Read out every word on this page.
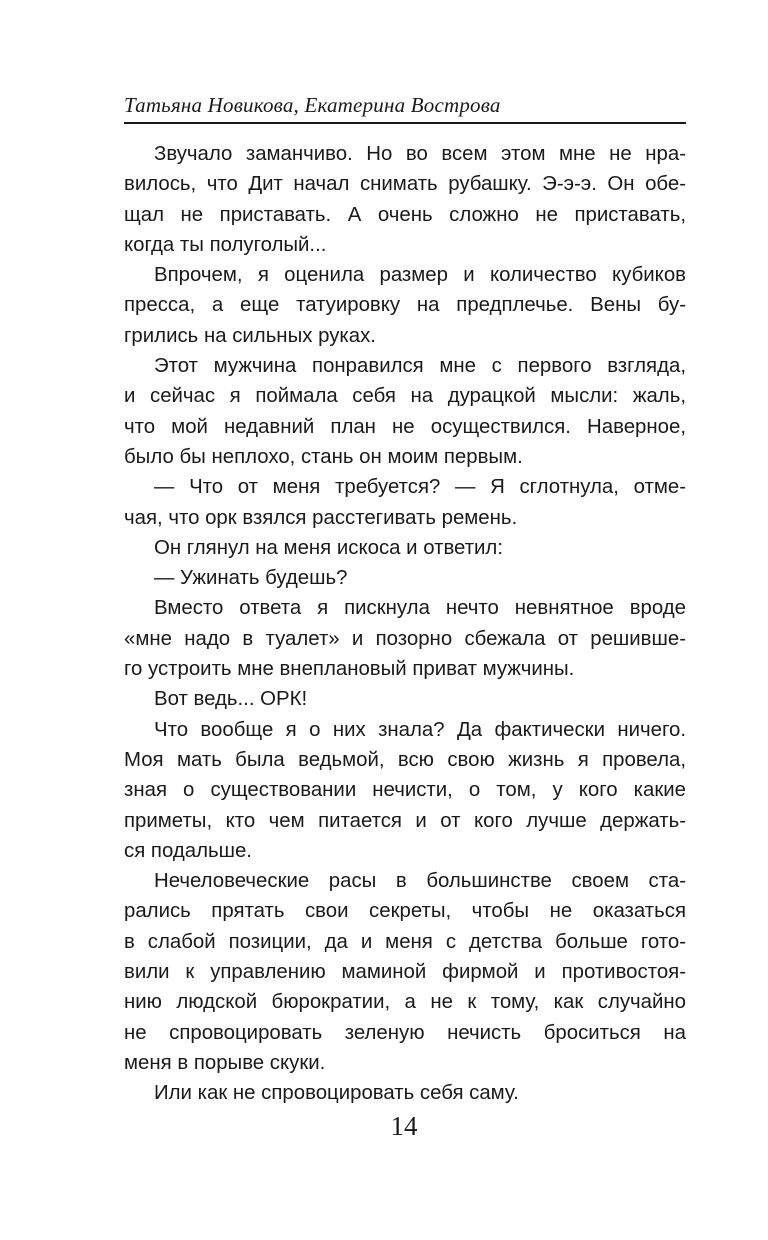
Татьяна Новикова, Екатерина Вострова
Звучало заманчиво. Но во всем этом мне не нра-
вилось, что Дит начал снимать рубашку. Э-э-э. Он обе-
щал не приставать. А очень сложно не приставать,
когда ты полуголый...
Впрочем, я оценила размер и количество кубиков
пресса, а еще татуировку на предплечье. Вены бу-
грились на сильных руках.
Этот мужчина понравился мне с первого взгляда,
и сейчас я поймала себя на дурацкой мысли: жаль,
что мой недавний план не осуществился. Наверное,
было бы неплохо, стань он моим первым.
— Что от меня требуется? — Я сглотнула, отме-
чая, что орк взялся расстегивать ремень.
Он глянул на меня искоса и ответил:
— Ужинать будешь?
Вместо ответа я пискнула нечто невнятное вроде
«мне надо в туалет» и позорно сбежала от решивше-
го устроить мне внеплановый приват мужчины.
Вот ведь... ОРК!
Что вообще я о них знала? Да фактически ничего.
Моя мать была ведьмой, всю свою жизнь я провела,
зная о существовании нечисти, о том, у кого какие
приметы, кто чем питается и от кого лучше держать-
ся подальше.
Нечеловеческие расы в большинстве своем ста-
рались прятать свои секреты, чтобы не оказаться
в слабой позиции, да и меня с детства больше гото-
вили к управлению маминой фирмой и противостоя-
нию людской бюрократии, а не к тому, как случайно
не спровоцировать зеленую нечисть броситься на
меня в порыве скуки.
Или как не спровоцировать себя саму.
14
